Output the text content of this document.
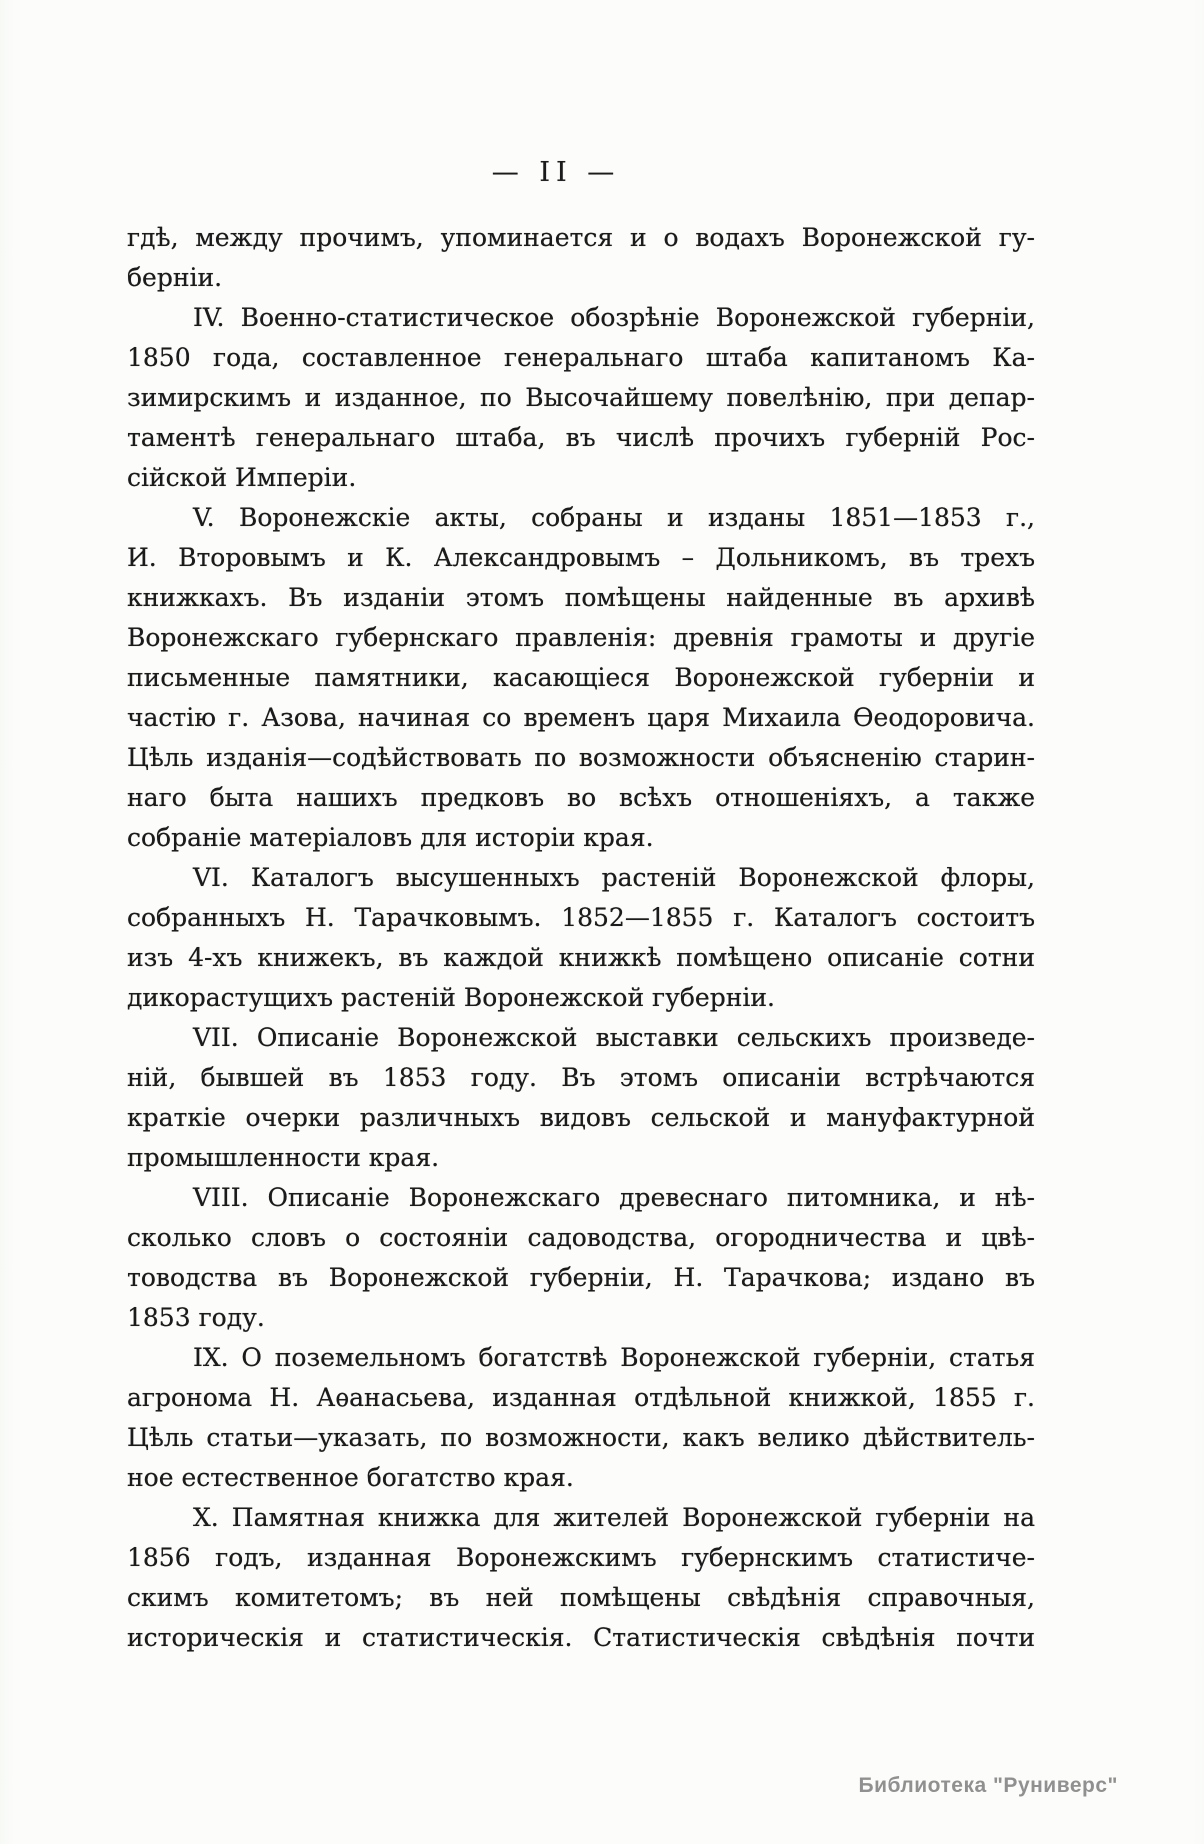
— II —
гдѣ, между прочимъ, упоминается и о водахъ Воронежской гу-
берніи.
IV. Военно-статистическое обозрѣніе Воронежской губерніи,
1850 года, составленное генеральнаго штаба капитаномъ Ка-
зимирскимъ и изданное, по Высочайшему повелѣнію, при депар-
таментѣ генеральнаго штаба, въ числѣ прочихъ губерній Рос-
сійской Имперіи.
V. Воронежскіе акты, собраны и изданы 1851—1853 г.,
И. Второвымъ и К. Александровымъ – Дольникомъ, въ трехъ
книжкахъ. Въ изданіи этомъ помѣщены найденные въ архивѣ
Воронежскаго губернскаго правленія: древнія грамоты и другіе
письменные памятники, касающіеся Воронежской губерніи и
частію г. Азова, начиная со временъ царя Михаила Ѳеодоровича.
Цѣль изданія—содѣйствовать по возможности объясненію старин-
наго быта нашихъ предковъ во всѣхъ отношеніяхъ, а также
собраніе матеріаловъ для исторіи края.
VI. Каталогъ высушенныхъ растеній Воронежской флоры,
собранныхъ Н. Тарачковымъ. 1852—1855 г. Каталогъ состоитъ
изъ 4-хъ книжекъ, въ каждой книжкѣ помѣщено описаніе сотни
дикорастущихъ растеній Воронежской губерніи.
VII. Описаніе Воронежской выставки сельскихъ произведе-
ній, бывшей въ 1853 году. Въ этомъ описаніи встрѣчаются
краткіе очерки различныхъ видовъ сельской и мануфактурной
промышленности края.
VIII. Описаніе Воронежскаго древеснаго питомника, и нѣ-
сколько словъ о состояніи садоводства, огородничества и цвѣ-
товодства въ Воронежской губерніи, Н. Тарачкова; издано въ
1853 году.
IX. О поземельномъ богатствѣ Воронежской губерніи, статья
агронома Н. Аѳанасьева, изданная отдѣльной книжкой, 1855 г.
Цѣль статьи—указать, по возможности, какъ велико дѣйствитель-
ное естественное богатство края.
X. Памятная книжка для жителей Воронежской губерніи на
1856 годъ, изданная Воронежскимъ губернскимъ статистиче-
скимъ комитетомъ; въ ней помѣщены свѣдѣнія справочныя,
историческія и статистическія. Статистическія свѣдѣнія почти
Библиотека "Руниверс"
